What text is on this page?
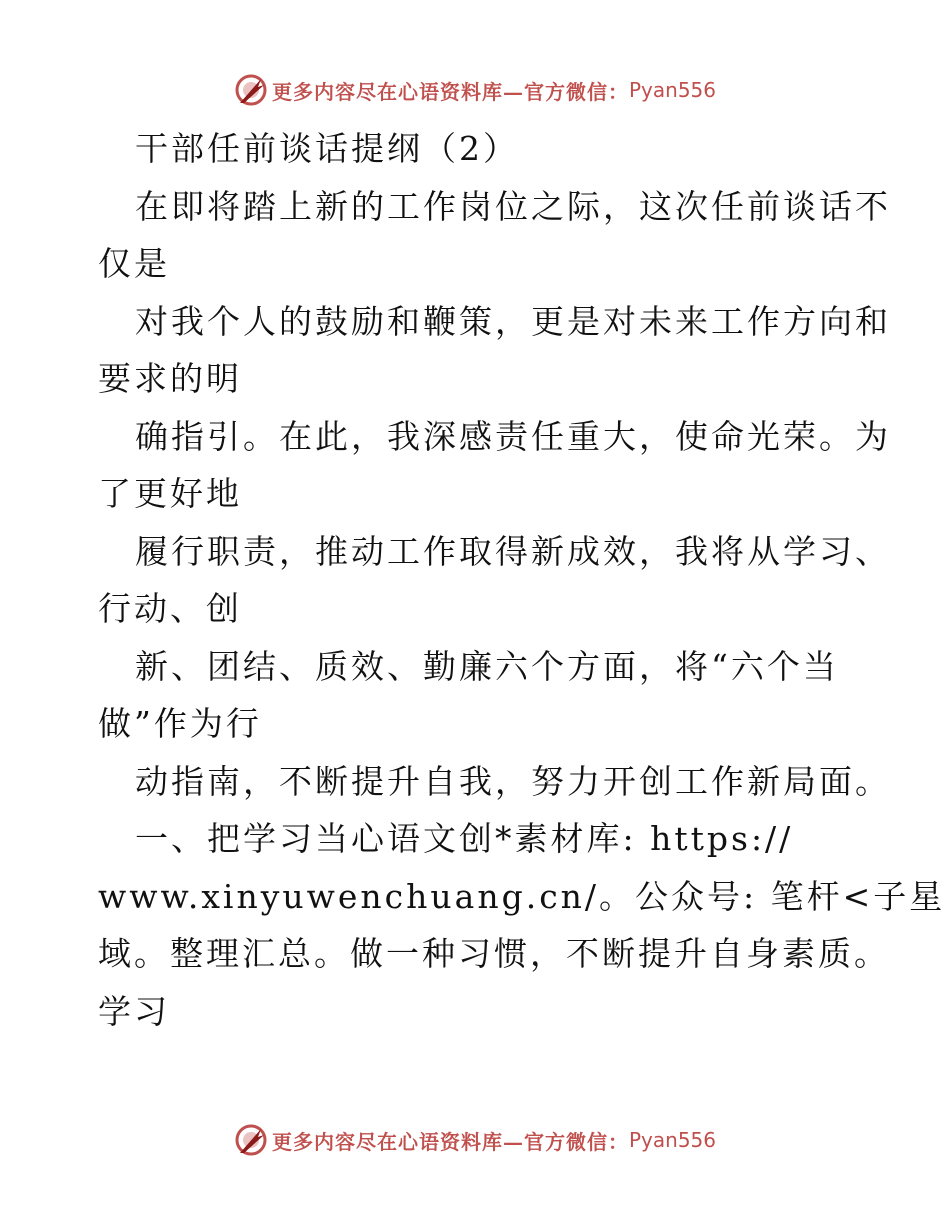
更多内容尽在心语资料库—官方微信： Pyan556
干部任前谈话提纲（2）
在即将踏上新的工作岗位之际，这次任前谈话不
仅是
对我个人的鼓励和鞭策，更是对未来工作方向和
要求的明
确指引。在此，我深感责任重大，使命光荣。为
了更好地
履行职责，推动工作取得新成效，我将从学习、
行动、创
新、团结、质效、勤廉六个方面，将“六个当
做”作为行
动指南，不断提升自我，努力开创工作新局面。
一、把学习当心语文创*素材库: https://
www.xinyuwenchuang.cn/。公众号: 笔杆<子星
域。整理汇总。做一种习惯，不断提升自身素质。
学习
更多内容尽在心语资料库—官方微信： Pyan556
